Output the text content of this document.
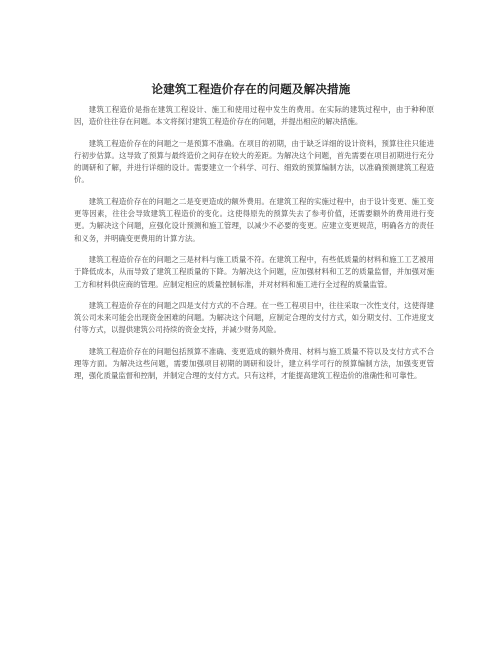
论建筑工程造价存在的问题及解决措施

建筑工程造价是指在建筑工程设计、施工和使用过程中发生的费用。在实际的建筑过程中，由于种种原因，造价往往存在问题。本文将探讨建筑工程造价存在的问题，并提出相应的解决措施。

建筑工程造价存在的问题之一是预算不准确。在项目的初期，由于缺乏详细的设计资料，预算往往只能进行初步估算。这导致了预算与最终造价之间存在较大的差距。为解决这个问题，首先需要在项目初期进行充分的调研和了解，并进行详细的设计。需要建立一个科学、可行、细致的预算编制方法，以准确预测建筑工程造价。

建筑工程造价存在的问题之二是变更造成的额外费用。在建筑工程的实施过程中，由于设计变更、施工变更等因素，往往会导致建筑工程造价的变化。这使得原先的预算失去了参考价值，还需要额外的费用进行变更。为解决这个问题，应强化设计预测和施工管理，以减少不必要的变更。应建立变更规范，明确各方的责任和义务，并明确变更费用的计算方法。

建筑工程造价存在的问题之三是材料与施工质量不符。在建筑工程中，有些低质量的材料和施工工艺被用于降低成本，从而导致了建筑工程质量的下降。为解决这个问题，应加强材料和工艺的质量监督，并加强对施工方和材料供应商的管理。应制定相应的质量控制标准，并对材料和施工进行全过程的质量监管。

建筑工程造价存在的问题之四是支付方式的不合理。在一些工程项目中，往往采取一次性支付，这使得建筑公司未来可能会出现资金困难的问题。为解决这个问题，应制定合理的支付方式，如分期支付、工作进度支付等方式，以提供建筑公司持续的资金支持，并减少财务风险。

建筑工程造价存在的问题包括预算不准确、变更造成的额外费用、材料与施工质量不符以及支付方式不合理等方面。为解决这些问题，需要加强项目初期的调研和设计，建立科学可行的预算编制方法，加强变更管理，强化质量监督和控制，并制定合理的支付方式。只有这样，才能提高建筑工程造价的准确性和可靠性。
